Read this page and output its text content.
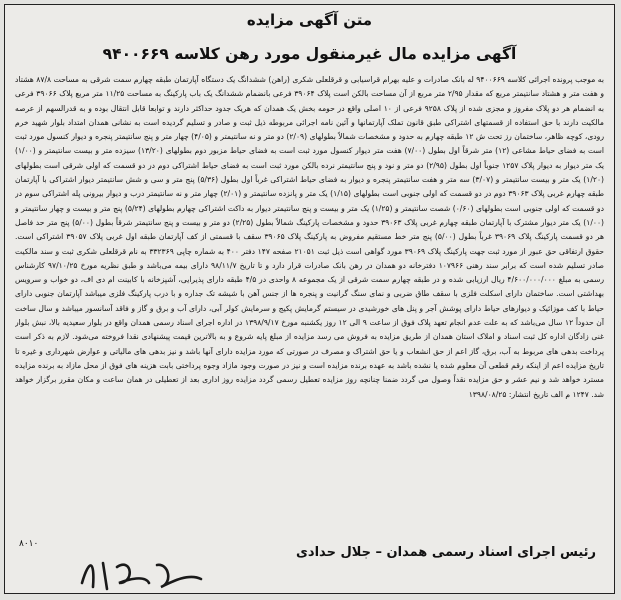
متن آگهی مزایده
آگهی مزایده مال غیرمنقول مورد رهن کلاسه ۹۴۰۰۶۶۹

به موجب پرونده اجرائی کلاسه ۹۴۰۰۶۶۹ له بانک صادرات و علیه بهرام قراسیابی و قرقلعلی شکری (راهن) ششدانگ یک دستگاه آپارتمان طبقه چهارم سمت شرقی به مساحت ۸۷/۸ هشتاد و هفت متر و هشتاد سانتیمتر مربع که مقدار ۲/۹۵ متر مربع از آن مساحت بالکن است پلاک ۳۹۰۶۴ فرعی بانضمام ششدانگ یک باب پارکینگ به مساحت ۱۱/۲۵ متر مربع پلاک ۳۹۰۶۶ فرعی به انضمام هر دو پلاک مفروز و مجزی شده از پلاک ۹۲۵۸ فرعی از ۱۰ اصلی واقع در حومه بخش یک همدان که هریک جدود حداکثر دارند و توابعا قابل انتقال بوده و به قدرالسهم از عرصه مالکیت دارند با حق استفاده از قسمتهای اشتراکی طبق قانون تملک آپارتمانها و آئین نامه اجرائی مربوطه ذیل ثبت و صادر و تسلیم گردیده است به نشانی همدان امتداد بلوار شهید خرم رودی، کوچه ظاهر، ساختمان رز تحت ش ۱۲ طبقه چهارم به حدود و مشخصات شمالاً بطولهای (۲/۰۹) دو متر و نه سانتیمتر و (۴/۰۵) چهار متر و پنج سانتیمتر پنجره و دیوار کنسول مورد ثبت است به فضای حیاط مشاعی (۱۲) متر شرقاً اول بطول (۷/۰۰) هفت متر دیوار کنسول مورد ثبت است به فضای حیاط مزبور دوم بطولهای (۱۳/۲۰) سیزده متر و بیست سانتیمتر و (۱/۰۰) یک متر دیوار به دیوار پلاک ۱۲۵۷ جنوباً اول بطول (۲/۹۵) دو متر و نود و پنج سانتیمتر نرده بالکن مورد ثبت است به فضای حیاط اشتراکی دوم در دو قسمت که اولی شرقی است بطولهای (۱/۲۰) یک متر و بیست سانتیمتر و (۳/۰۷) سه متر و هفت سانتیمتر پنجره و دیوار به فضای حیاط اشتراکی غرباً اول بطول (۵/۳۶) پنج متر و سی و شش سانتیمتر دیوار اشتراکی با آپارتمان طبقه چهارم غربی پلاک ۳۹۰۶۳ دوم در دو قسمت که اولی جنوبی است بطولهای (۱/۱۵) یک متر و پانزده سانتیمتر و (۲/۰۱) چهار متر و نه سانتیمتر درب و دیوار بیرونی پله اشتراکی سوم در دو قسمت که اولی جنوبی است بطولهای (۰/۶۰) شصت سانتیمتر و (۱/۲۵) یک متر و بیست و پنج سانتیمتر دیوار به داکت اشتراکی چهارم بطولهای (۵/۲۴) پنج متر و بیست و چهار سانتیمتر و (۱/۰۰) یک متر دیوار مشترک با آپارتمان طبقه چهارم غربی پلاک ۳۹۰۶۳ حدود و مشخصات پارکینگ شمالاً بطول (۲/۲۵) دو متر و بیست و پنج سانتیمتر شرقاً بطول (۵/۰۰) پنج متر حد فاصل هر دو قسمت پارکینگ پلاک ۳۹۰۶۹ غرباً بطول (۵/۰۰) پنج متر خط مستقیم مفروض به پارکینگ پلاک ۳۹۰۶۵ سقف با قسمتی از کف آپارتمان طبقه اول غربی پلاک ۳۹۰۵۷ اشتراکی است. حقوق ارتفاقی حق عبور از مورد ثبت جهت پارکینگ پلاک ۳۹۰۶۹ مورد گواهی است ذیل ثبت ۲۱۰۵۱ صفحه ۱۴۷ دفتر ۴۰۰ به شماره چاپی ۳۳۲۳۶۹ به نام قرقلعلی شکری ثبت و سند مالکیت صادر تسلیم شده است که برابر سند رهنی ۱۰۷۹۶۶ دفترخانه دو همدان در رهن بانک صادرات قرار دارد و تا تاریخ ۹۸/۱۱/۷ دارای بیمه می‌باشد و طبق نظریه مورخ ۹۷/۱۰/۲۵ کارشناس رسمی به مبلغ ۴/۶۰۰/۰۰۰/۰۰۰ ریال ارزیابی شده و در طبقه چهارم سمت شرقی از یک مجموعه ۸ واحدی در ۴/۵ طبقه دارای پذیرایی، آشپزخانه با کابینت ام دی اف، دو خواب و سرویس بهداشتی است. ساختمان دارای اسکلت فلزی با سقف طاق ضربی و نمای سنگ گرانیت و پنجره ها از جنس آهن با شیشه تک جداره و با درب پارکینگ فلزی میباشد آپارتمان جنوبی دارای حیاط با کف موزائیک و دیوارهای حیاط دارای پوشش آجر و پنل های خورشیدی در سیستم گرمایش پکیج و سرمایش کولر آبی، دارای آب و برق و گاز و فاقد آسانسور میباشد و سال ساخت آن حدوداً ۱۲ سال می‌باشد که به علت عدم انجام تعهد پلاک فوق از ساعت ۹ الی ۱۲ روز یکشنبه مورخ ۱۳۹۸/۹/۱۷ در اداره اجرای اسناد رسمی همدان واقع در بلوار سعیدیه بالا، نبش بلوار غنی زادگان اداره کل ثبت اسناد و املاک استان همدان از طریق مزایده به فروش می رسد مزایده از مبلغ پایه شروع و به بالاترین قیمت پیشنهادی نقدا فروخته می‌شود. لازم به ذکر است پرداخت بدهی های مربوط به آب، برق، گاز اعم از حق انشعاب و یا حق اشتراک و مصرف در صورتی که مورد مزایده دارای آنها باشد و نیز بدهی های مالیاتی و عوارض شهرداری و غیره تا تاریخ مزایده اعم از اینکه رقم قطعی آن معلوم شده یا نشده باشد به عهده برنده مزایده است و نیز در صورت وجود مازاد وجوه پرداختی بابت هزینه های فوق از محل مازاد به برنده مزایده مسترد خواهد شد و نیم عشر و حق مزایده نقداً وصول می گردد ضمنا چنانچه روز مزایده تعطیل رسمی گردد مزایده روز اداری بعد از تعطیلی در همان ساعت و مکان مقرر برگزار خواهد شد. ۱۲۴۷ م الف تاریخ انتشار: ۱۳۹۸/۰۸/۲۵

۸۰۱۰
رئیس اجرای اسناد رسمی همدان – جلال حدادی
